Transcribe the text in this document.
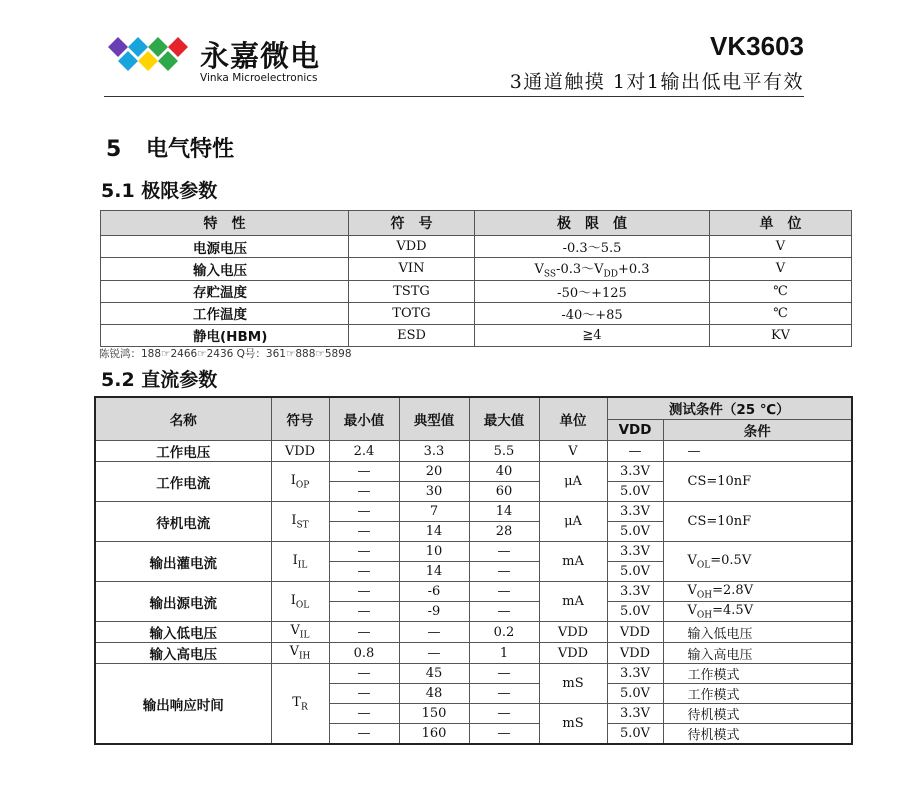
永嘉微电
Vinka Microelectronics
VK3603
3通道触摸 1对1输出低电平有效
5 电气特性
5.1 极限参数
特　性	符　号	极　限　值	单　位
电源电压	VDD	-0.3～5.5	V
输入电压	VIN	$V_{SS}-0.3\sim V_{DD}+0.3$	V
存贮温度	TSTG	-50～+125	℃
工作温度	TOTG	-40～+85	℃
静电(HBM)	ESD	≧4	KV
陈锐鸿：188☞2466☞2436 Q号：361☞888☞5898
5.2 直流参数
名称	符号	最小值	典型值	最大值	单位	测试条件（25 ℃）	
						VDD	条件
工作电压	VDD	2.4	3.3	5.5	V	—	—
工作电流	$I_{OP}$	—	20	40	μA	3.3V	CS=10nF
		—	30	60		5.0V	
待机电流	$I_{ST}$	—	7	14	μA	3.3V	CS=10nF
		—	14	28		5.0V	
输出灌电流	$I_{IL}$	—	10	—	mA	3.3V	$V_{OL}=0.5V$
		—	14	—		5.0V	
输出源电流	$I_{OL}$	—	-6	—	mA	3.3V	$V_{OH}=2.8V$
		—	-9	—		5.0V	$V_{OH}=4.5V$
输入低电压	$V_{IL}$	—	—	0.2	VDD	VDD	输入低电压
输入高电压	$V_{IH}$	0.8	—	1	VDD	VDD	输入高电压
输出响应时间	$T_R$	—	45	—	mS	3.3V	工作模式
		—	48	—		5.0V	工作模式
		—	150	—	mS	3.3V	待机模式
		—	160	—		5.0V	待机模式
